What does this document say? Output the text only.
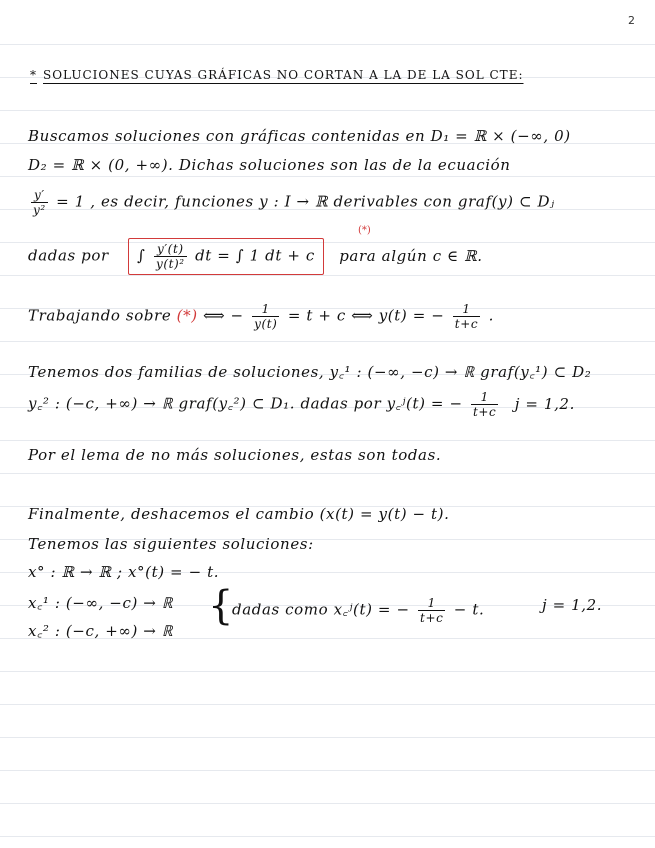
2
* SOLUCIONES CUYAS GRÁFICAS NO CORTAN A LA DE LA SOL CTE:
Buscamos soluciones con gráficas contenidas en D₁ = ℝ × (−∞, 0)
D₂ = ℝ × (0, +∞). Dichas soluciones son las de la ecuación
$\frac{y'}{\text{y²}} = 1$ , es decir, funciones y : I → ℝ derivables con graf(y) ⊂ Dⱼ
(*)
dadas por ∫ $\frac{y'(t)}{\text{y(t)²}}$ dt = ∫ 1 dt + c para algún c ∈ ℝ.
Trabajando sobre (*) ⟺ − $\frac{1}{y(t)} = t + c$ ⟺ y(t) = − $\frac{1}{t+c}$ .
Tenemos dos familias de soluciones, y꜀¹ : (−∞, −c) → ℝ graf(y꜀¹) ⊂ D₂
y꜀² : (−c, +∞) → ℝ graf(y꜀²) ⊂ D₁. dadas por y꜀ʲ(t) = − $\frac{1}{t+c}$ j = 1,2.
Por el lema de no más soluciones, estas son todas.
Finalmente, deshacemos el cambio (x(t) = y(t) − t).
Tenemos las siguientes soluciones:
x° : ℝ → ℝ ; x°(t) = − t.
x꜀¹ : (−∞, −c) → ℝ
x꜀² : (−c, +∞) → ℝ
{
dadas como x꜀ʲ(t) = − $\frac{1}{t+c} - t$.	j = 1,2.
